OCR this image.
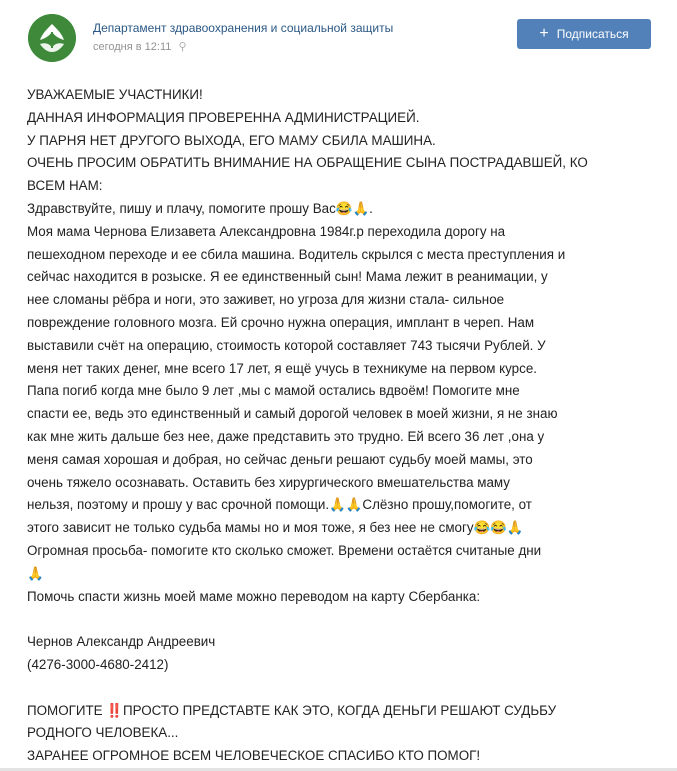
Департамент здравоохранения и социальной защиты
сегодня в 12:11 ⚲
+ Подписаться
УВАЖАЕМЫЕ УЧАСТНИКИ!
ДАННАЯ ИНФОРМАЦИЯ ПРОВЕРЕННА АДМИНИСТРАЦИЕЙ.
У ПАРНЯ НЕТ ДРУГОГО ВЫХОДА, ЕГО МАМУ СБИЛА МАШИНА.
ОЧЕНЬ ПРОСИМ ОБРАТИТЬ ВНИМАНИЕ НА ОБРАЩЕНИЕ СЫНА ПОСТРАДАВШЕЙ, КО
ВСЕМ НАМ:
Здравствуйте, пишу и плачу, помогите прошу Вас😂🙏.
Моя мама Чернова Елизавета Александровна 1984г.р переходила дорогу на
пешеходном переходе и ее сбила машина. Водитель скрылся с места преступления и
сейчас находится в розыске. Я ее единственный сын! Мама лежит в реанимации, у
нее сломаны рёбра и ноги, это заживет, но угроза для жизни стала- сильное
повреждение головного мозга. Ей срочно нужна операция, имплант в череп. Нам
выставили счёт на операцию, стоимость которой составляет 743 тысячи Рублей. У
меня нет таких денег, мне всего 17 лет, я ещё учусь в техникуме на первом курсе.
Папа погиб когда мне было 9 лет ,мы с мамой остались вдвоём! Помогите мне
спасти ее, ведь это единственный и самый дорогой человек в моей жизни, я не знаю
как мне жить дальше без нее, даже представить это трудно. Ей всего 36 лет ,она у
меня самая хорошая и добрая, но сейчас деньги решают судьбу моей мамы, это
очень тяжело осознавать. Оставить без хирургического вмешательства маму
нельзя, поэтому и прошу у вас срочной помощи.🙏🙏Слёзно прошу,помогите, от
этого зависит не только судьба мамы но и моя тоже, я без нее не смогу😂😂🙏
Огромная просьба- помогите кто сколько сможет. Времени остаётся считаные дни
🙏
Помочь спасти жизнь моей маме можно переводом на карту Сбербанка:
Чернов Александр Андреевич
(4276-3000-4680-2412)
ПОМОГИТЕ ‼️ПРОСТО ПРЕДСТАВТЕ КАК ЭТО, КОГДА ДЕНЬГИ РЕШАЮТ СУДЬБУ
РОДНОГО ЧЕЛОВЕКА...
ЗАРАНЕЕ ОГРОМНОЕ ВСЕМ ЧЕЛОВЕЧЕСКОЕ СПАСИБО КТО ПОМОГ!
